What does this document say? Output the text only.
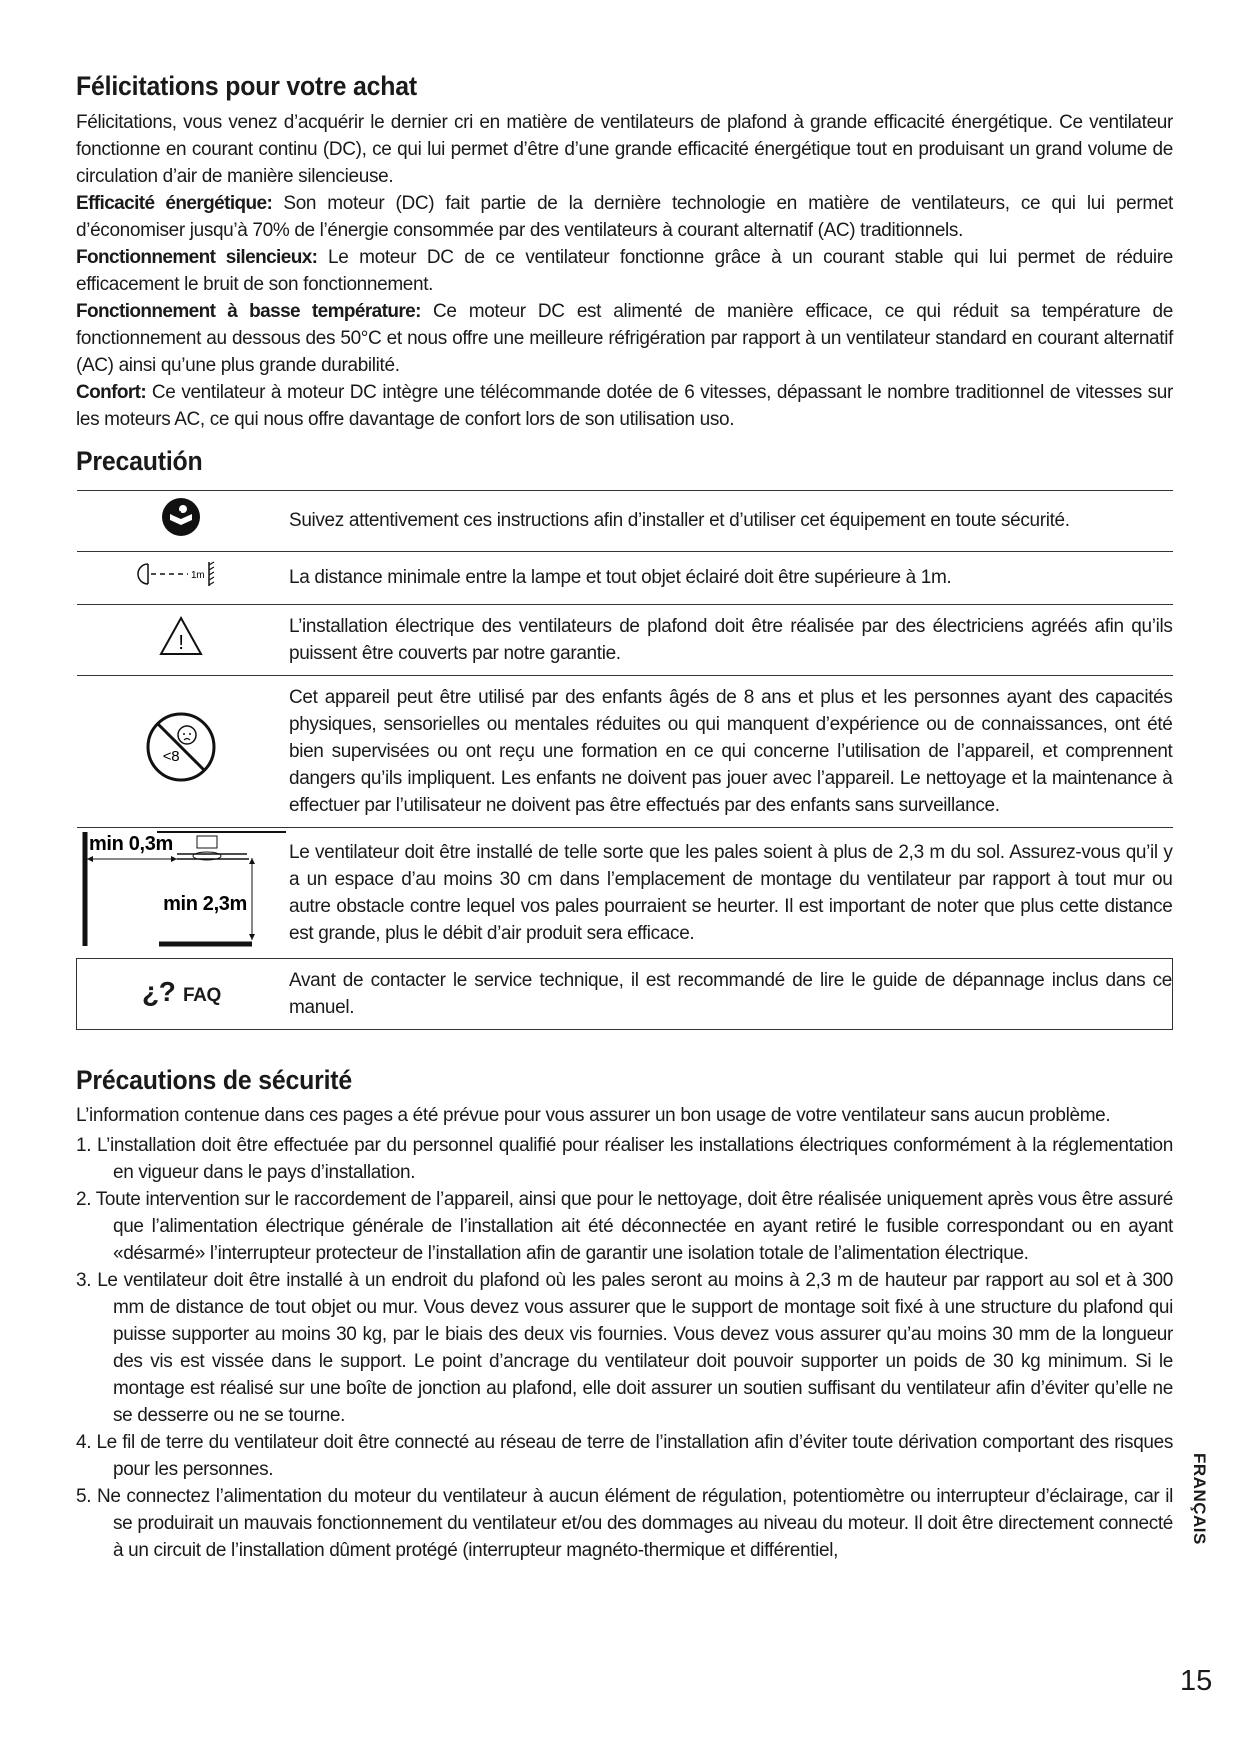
Félicitations pour votre achat

Félicitations, vous venez d’acquérir le dernier cri en matière de ventilateurs de plafond à grande efficacité énergétique. Ce ventilateur fonctionne en courant continu (DC), ce qui lui permet d’être d’une grande efficacité énergétique tout en produisant un grand volume de circulation d’air de manière silencieuse.

Efficacité énergétique: Son moteur (DC) fait partie de la dernière technologie en matière de ventilateurs, ce qui lui permet d’économiser jusqu’à 70% de l’énergie consommée par des ventilateurs à courant alternatif (AC) traditionnels.

Fonctionnement silencieux: Le moteur DC de ce ventilateur fonctionne grâce à un courant stable qui lui permet de réduire efficacement le bruit de son fonctionnement.

Fonctionnement à basse température: Ce moteur DC est alimenté de manière efficace, ce qui réduit sa température de fonctionnement au dessous des 50°C et nous offre une meilleure réfrigération par rapport à un ventilateur standard en courant alternatif (AC) ainsi qu’une plus grande durabilité.

Confort: Ce ventilateur à moteur DC intègre une télécommande dotée de 6 vitesses, dépassant le nombre traditionnel de vitesses sur les moteurs AC, ce qui nous offre davantage de confort lors de son utilisation uso.

Precautión
	Suivez attentivement ces instructions afin d’installer et d’utiliser cet équipement en toute sécurité.

1m	La distance minimale entre la lampe et tout objet éclairé doit être supérieure à 1m.

!	L’installation électrique des ventilateurs de plafond doit être réalisée par des électriciens agréés afin qu’ils puissent être couverts par notre garantie.

<8	Cet appareil peut être utilisé par des enfants âgés de 8 ans et plus et les personnes ayant des capacités physiques, sensorielles ou mentales réduites ou qui manquent d’expérience ou de connaissances, ont été bien supervisées ou ont reçu une formation en ce qui concerne l’utilisation de l’appareil, et comprennent dangers qu’ils impliquent. Les enfants ne doivent pas jouer avec l’appareil. Le nettoyage et la maintenance à effectuer par l’utilisateur ne doivent pas être effectués par des enfants sans surveillance.

min 0,3m
min 2,3m	Le ventilateur doit être installé de telle sorte que les pales soient à plus de 2,3 m du sol. Assurez-vous qu’il y a un espace d’au moins 30 cm dans l’emplacement de montage du ventilateur par rapport à tout mur ou autre obstacle contre lequel vos pales pourraient se heurter. Il est important de noter que plus cette distance est grande, plus le débit d’air produit sera efficace.
¿? FAQ	Avant de contacter le service technique, il est recommandé de lire le guide de dépannage inclus dans ce manuel.
Précautions de sécurité

L’information contenue dans ces pages a été prévue pour vous assurer un bon usage de votre ventilateur sans aucun problème.

1. L’installation doit être effectuée par du personnel qualifié pour réaliser les installations électriques conformément à la réglementation en vigueur dans le pays d’installation.
2. Toute intervention sur le raccordement de l’appareil, ainsi que pour le nettoyage, doit être réalisée uniquement après vous être assuré que l’alimentation électrique générale de l’installation ait été déconnectée en ayant retiré le fusible correspondant ou en ayant «désarmé» l’interrupteur protecteur de l’installation afin de garantir une isolation totale de l’alimentation électrique.
3. Le ventilateur doit être installé à un endroit du plafond où les pales seront au moins à 2,3 m de hauteur par rapport au sol et à 300 mm de distance de tout objet ou mur. Vous devez vous assurer que le support de montage soit fixé à une structure du plafond qui puisse supporter au moins 30 kg, par le biais des deux vis fournies. Vous devez vous assurer qu’au moins 30 mm de la longueur des vis est vissée dans le support. Le point d’ancrage du ventilateur doit pouvoir supporter un poids de 30 kg minimum. Si le montage est réalisé sur une boîte de jonction au plafond, elle doit assurer un soutien suffisant du ventilateur afin d’éviter qu’elle ne se desserre ou ne se tourne.
4. Le fil de terre du ventilateur doit être connecté au réseau de terre de l’installation afin d’éviter toute dérivation comportant des risques pour les personnes.
5. Ne connectez l’alimentation du moteur du ventilateur à aucun élément de régulation, potentiomètre ou interrupteur d’éclairage, car il se produirait un mauvais fonctionnement du ventilateur et/ou des dommages au niveau du moteur. Il doit être directement connecté à un circuit de l’installation dûment protégé (interrupteur magnéto-thermique et différentiel,
FRANÇAIS
15
